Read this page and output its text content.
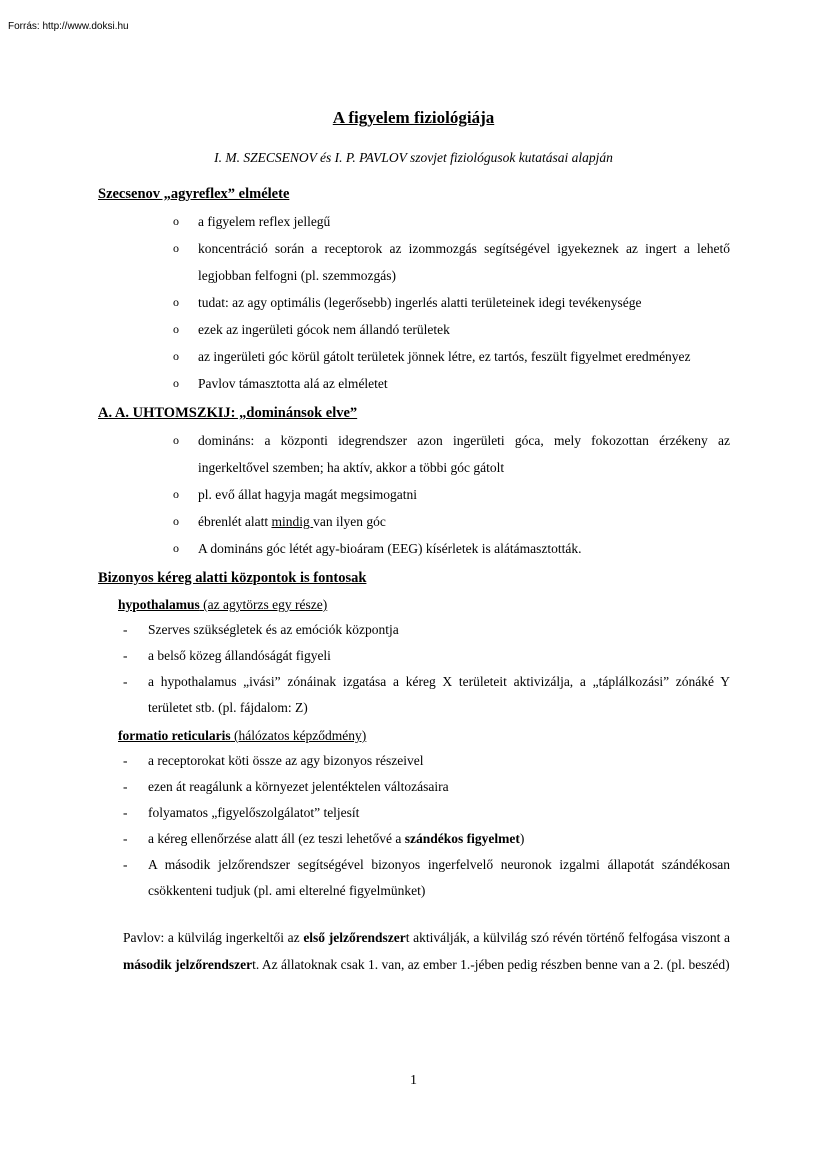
Forrás: http://www.doksi.hu
A figyelem fiziológiája
I. M. SZECSENOV és I. P. PAVLOV szovjet fiziológusok kutatásai alapján

Szecsenov „agyreflex” elmélete

o a figyelem reflex jellegű
o koncentráció során a receptorok az izommozgás segítségével igyekeznek az ingert a lehető legjobban felfogni (pl. szemmozgás)
o tudat: az agy optimális (legerősebb) ingerlés alatti területeinek idegi tevékenysége
o ezek az ingerületi gócok nem állandó területek
o az ingerületi góc körül gátolt területek jönnek létre, ez tartós, feszült figyelmet eredményez
o Pavlov támasztotta alá az elméletet

A. A. UHTOMSZKIJ: „dominánsok elve”

o domináns: a központi idegrendszer azon ingerületi góca, mely fokozottan érzékeny az ingerkeltővel szemben; ha aktív, akkor a többi góc gátolt
o pl. evő állat hagyja magát megsimogatni
o ébrenlét alatt mindig van ilyen góc
o A domináns góc létét agy-bioáram (EEG) kísérletek is alátámasztották.

Bizonyos kéreg alatti központok is fontosak

hypothalamus (az agytörzs egy része)
- Szerves szükségletek és az emóciók központja
- a belső közeg állandóságát figyeli
- a hypothalamus „ivási” zónáinak izgatása a kéreg X területeit aktivizálja, a „táplálkozási” zónáké Y területet stb. (pl. fájdalom: Z)
formatio reticularis (hálózatos képződmény)
- a receptorokat köti össze az agy bizonyos részeivel
- ezen át reagálunk a környezet jelentéktelen változásaira
- folyamatos „figyelőszolgálatot” teljesít
- a kéreg ellenőrzése alatt áll (ez teszi lehetővé a szándékos figyelmet)
- A második jelzőrendszer segítségével bizonyos ingerfelvelő neuronok izgalmi állapotát szándékosan csökkenteni tudjuk (pl. ami elterelné figyelmünket)

Pavlov: a külvilág ingerkeltői az első jelzőrendszert aktiválják, a külvilág szó révén történő felfogása viszont a második jelzőrendszert. Az állatoknak csak 1. van, az ember 1.-jében pedig részben benne van a 2. (pl. beszéd)

1
